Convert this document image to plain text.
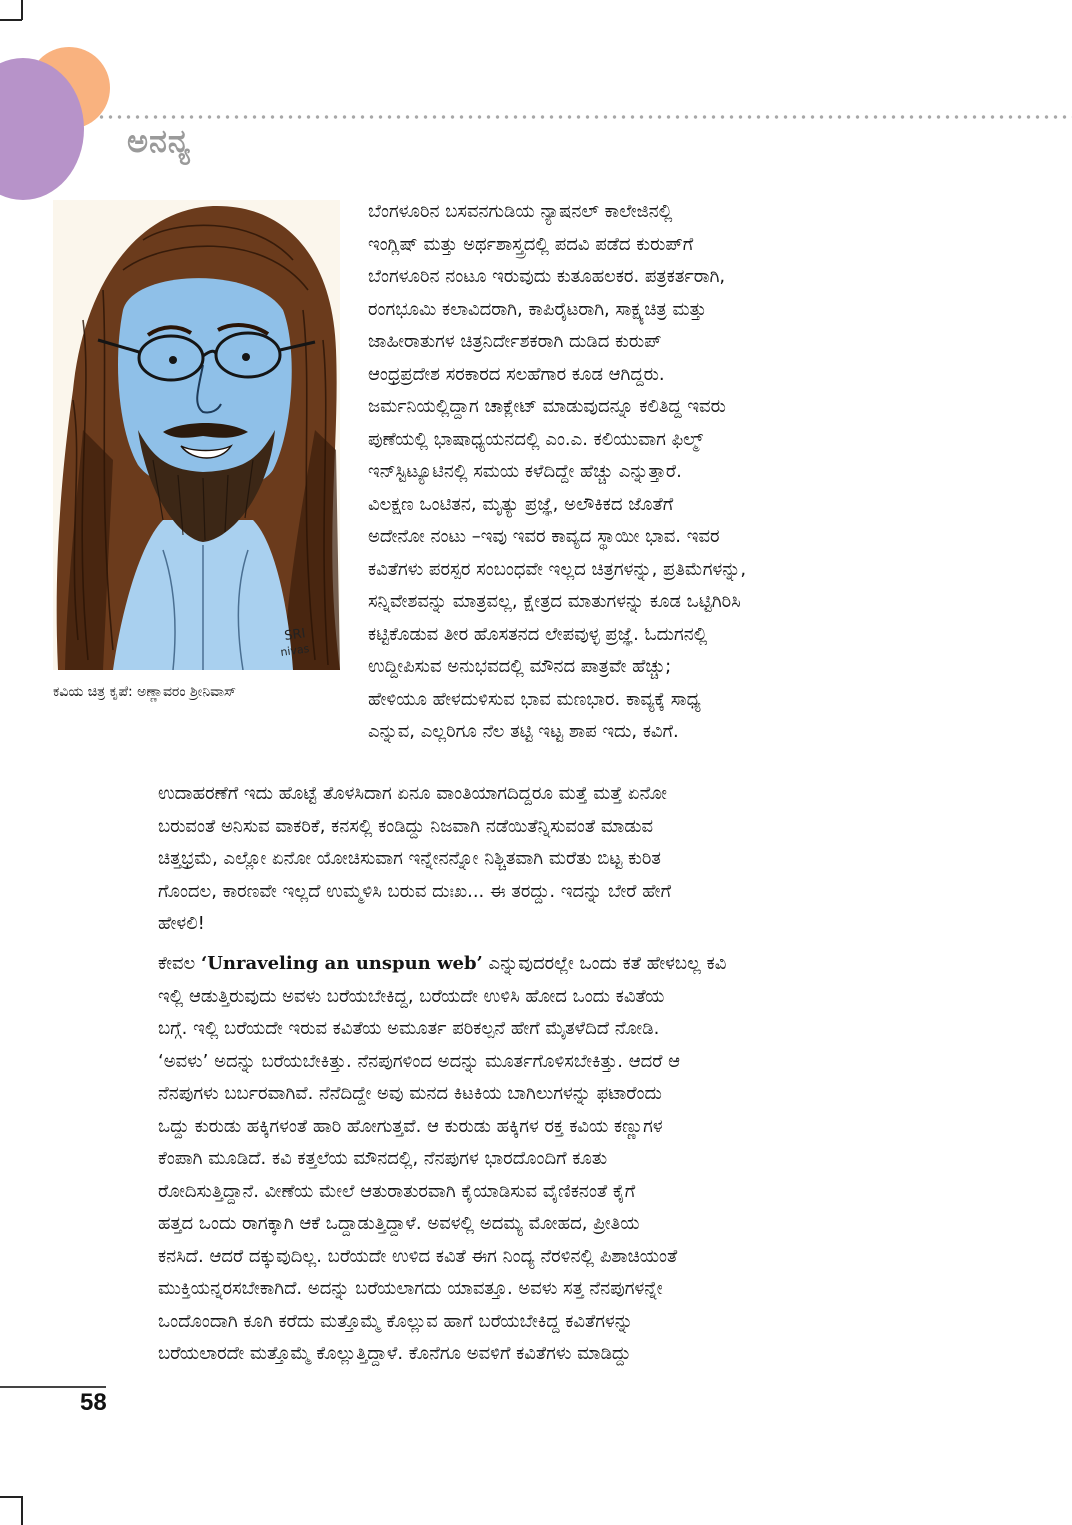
ಅನನ್ಯ
SRI
nivas
ಕವಿಯ ಚಿತ್ರ ಕೃಪೆ: ಅಣ್ಣಾವರಂ ಶ್ರೀನಿವಾಸ್

ಬೆಂಗಳೂರಿನ ಬಸವನಗುಡಿಯ ನ್ಯಾಷನಲ್ ಕಾಲೇಜಿನಲ್ಲಿ
ಇಂಗ್ಲಿಷ್ ಮತ್ತು ಅರ್ಥಶಾಸ್ತ್ರದಲ್ಲಿ ಪದವಿ ಪಡೆದ ಕುರುಪ್‌ಗೆ
ಬೆಂಗಳೂರಿನ ನಂಟೂ ಇರುವುದು ಕುತೂಹಲಕರ. ಪತ್ರಕರ್ತರಾಗಿ,
ರಂಗಭೂಮಿ ಕಲಾವಿದರಾಗಿ, ಕಾಪಿರೈಟರಾಗಿ, ಸಾಕ್ಷ್ಯಚಿತ್ರ ಮತ್ತು
ಜಾಹೀರಾತುಗಳ ಚಿತ್ರನಿರ್ದೇಶಕರಾಗಿ ದುಡಿದ ಕುರುಪ್
ಆಂಧ್ರಪ್ರದೇಶ ಸರಕಾರದ ಸಲಹೆಗಾರ ಕೂಡ ಆಗಿದ್ದರು.
ಜರ್ಮನಿಯಲ್ಲಿದ್ದಾಗ ಚಾಕ್ಲೇಟ್ ಮಾಡುವುದನ್ನೂ ಕಲಿತಿದ್ದ ಇವರು
ಪುಣೆಯಲ್ಲಿ ಭಾಷಾಧ್ಯಯನದಲ್ಲಿ ಎಂ.ಎ. ಕಲಿಯುವಾಗ ಫಿಲ್ಮ್
ಇನ್‌ಸ್ಟಿಟ್ಯೂಟಿನಲ್ಲಿ ಸಮಯ ಕಳೆದಿದ್ದೇ ಹೆಚ್ಚು ಎನ್ನುತ್ತಾರೆ.
ವಿಲಕ್ಷಣ ಒಂಟಿತನ, ಮೃತ್ಯು ಪ್ರಜ್ಞೆ, ಅಲೌಕಿಕದ ಜೊತೆಗೆ
ಅದೇನೋ ನಂಟು –ಇವು ಇವರ ಕಾವ್ಯದ ಸ್ಥಾಯೀ ಭಾವ. ಇವರ
ಕವಿತೆಗಳು ಪರಸ್ಪರ ಸಂಬಂಧವೇ ಇಲ್ಲದ ಚಿತ್ರಗಳನ್ನು, ಪ್ರತಿಮೆಗಳನ್ನು,
ಸನ್ನಿವೇಶವನ್ನು ಮಾತ್ರವಲ್ಲ, ಕ್ಷೇತ್ರದ ಮಾತುಗಳನ್ನು ಕೂಡ ಒಟ್ಟಿಗಿರಿಸಿ
ಕಟ್ಟಿಕೊಡುವ ತೀರ ಹೊಸತನದ ಲೇಪವುಳ್ಳ ಪ್ರಜ್ಞೆ. ಓದುಗನಲ್ಲಿ
ಉದ್ದೀಪಿಸುವ ಅನುಭವದಲ್ಲಿ ಮೌನದ ಪಾತ್ರವೇ ಹೆಚ್ಚು;
ಹೇಳಿಯೂ ಹೇಳದುಳಿಸುವ ಭಾವ ಮಣಭಾರ. ಕಾವ್ಯಕ್ಕೆ ಸಾಧ್ಯ
ಎನ್ನುವ, ಎಲ್ಲರಿಗೂ ನೆಲ ತಟ್ಟಿ ಇಟ್ಟ ಶಾಪ ಇದು, ಕವಿಗೆ.

ಉದಾಹರಣೆಗೆ ಇದು ಹೊಟ್ಟೆ ತೊಳಸಿದಾಗ ಏನೂ ವಾಂತಿಯಾಗದಿದ್ದರೂ ಮತ್ತೆ ಮತ್ತೆ ಏನೋ
ಬರುವಂತೆ ಅನಿಸುವ ವಾಕರಿಕೆ, ಕನಸಲ್ಲಿ ಕಂಡಿದ್ದು ನಿಜವಾಗಿ ನಡೆಯಿತೆನ್ನಿಸುವಂತೆ ಮಾಡುವ
ಚಿತ್ತಭ್ರಮೆ, ಎಲ್ಲೋ ಏನೋ ಯೋಚಿಸುವಾಗ ಇನ್ನೇನನ್ನೋ ನಿಶ್ಚಿತವಾಗಿ ಮರೆತು ಬಿಟ್ಟ ಕುರಿತ
ಗೊಂದಲ, ಕಾರಣವೇ ಇಲ್ಲದೆ ಉಮ್ಮಳಿಸಿ ಬರುವ ದುಃಖ... ಈ ತರದ್ದು. ಇದನ್ನು ಬೇರೆ ಹೇಗೆ
ಹೇಳಲಿ!

ಕೇವಲ ‘Unraveling an unspun web’ ಎನ್ನುವುದರಲ್ಲೇ ಒಂದು ಕತೆ ಹೇಳಬಲ್ಲ ಕವಿ
ಇಲ್ಲಿ ಆಡುತ್ತಿರುವುದು ಅವಳು ಬರೆಯಬೇಕಿದ್ದ, ಬರೆಯದೇ ಉಳಿಸಿ ಹೋದ ಒಂದು ಕವಿತೆಯ
ಬಗ್ಗೆ. ಇಲ್ಲಿ ಬರೆಯದೇ ಇರುವ ಕವಿತೆಯ ಅಮೂರ್ತ ಪರಿಕಲ್ಪನೆ ಹೇಗೆ ಮೈತಳೆದಿದೆ ನೋಡಿ.
‘ಅವಳು’ ಅದನ್ನು ಬರೆಯಬೇಕಿತ್ತು. ನೆನಪುಗಳಿಂದ ಅದನ್ನು ಮೂರ್ತಗೊಳಿಸಬೇಕಿತ್ತು. ಆದರೆ ಆ
ನೆನಪುಗಳು ಬರ್ಬರವಾಗಿವೆ. ನೆನೆದಿದ್ದೇ ಅವು ಮನದ ಕಿಟಕಿಯ ಬಾಗಿಲುಗಳನ್ನು ಫಟಾರೆಂದು
ಒದ್ದು ಕುರುಡು ಹಕ್ಕಿಗಳಂತೆ ಹಾರಿ ಹೋಗುತ್ತವೆ. ಆ ಕುರುಡು ಹಕ್ಕಿಗಳ ರಕ್ತ ಕವಿಯ ಕಣ್ಣುಗಳ
ಕೆಂಪಾಗಿ ಮೂಡಿದೆ. ಕವಿ ಕತ್ತಲೆಯ ಮೌನದಲ್ಲಿ, ನೆನಪುಗಳ ಭಾರದೊಂದಿಗೆ ಕೂತು
ರೋದಿಸುತ್ತಿದ್ದಾನೆ. ವೀಣೆಯ ಮೇಲೆ ಆತುರಾತುರವಾಗಿ ಕೈಯಾಡಿಸುವ ವೈಣಿಕನಂತೆ ಕೈಗೆ
ಹತ್ತದ ಒಂದು ರಾಗಕ್ಕಾಗಿ ಆಕೆ ಒದ್ದಾಡುತ್ತಿದ್ದಾಳೆ. ಅವಳಲ್ಲಿ ಅದಮ್ಯ ಮೋಹದ, ಪ್ರೀತಿಯ
ಕನಸಿದೆ. ಆದರೆ ದಕ್ಕುವುದಿಲ್ಲ. ಬರೆಯದೇ ಉಳಿದ ಕವಿತೆ ಈಗ ನಿಂದ್ಯ ನೆರಳಿನಲ್ಲಿ ಪಿಶಾಚಿಯಂತೆ
ಮುಕ್ತಿಯನ್ನರಸಬೇಕಾಗಿದೆ. ಅದನ್ನು ಬರೆಯಲಾಗದು ಯಾವತ್ತೂ. ಅವಳು ಸತ್ತ ನೆನಪುಗಳನ್ನೇ
ಒಂದೊಂದಾಗಿ ಕೂಗಿ ಕರೆದು ಮತ್ತೊಮ್ಮೆ ಕೊಲ್ಲುವ ಹಾಗೆ ಬರೆಯಬೇಕಿದ್ದ ಕವಿತೆಗಳನ್ನು
ಬರೆಯಲಾರದೇ ಮತ್ತೊಮ್ಮೆ ಕೊಲ್ಲುತ್ತಿದ್ದಾಳೆ. ಕೊನೆಗೂ ಅವಳಿಗೆ ಕವಿತೆಗಳು ಮಾಡಿದ್ದು

58
